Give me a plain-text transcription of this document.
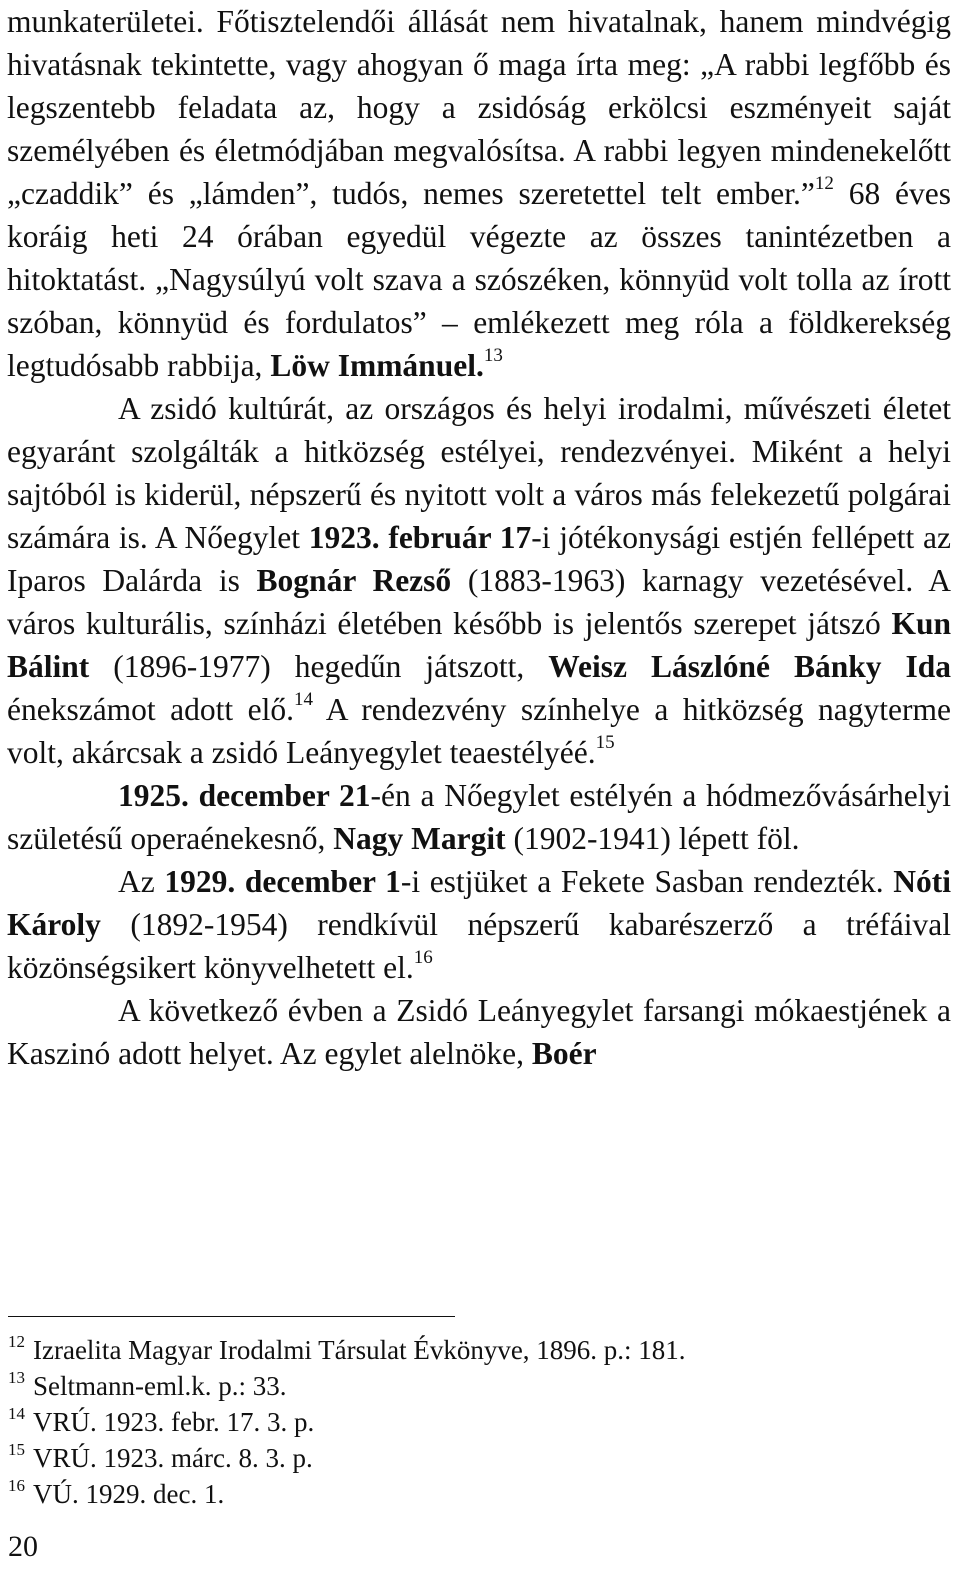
munkaterületei. Főtisztelendői állását nem hivatalnak, hanem mindvégig hivatásnak tekintette, vagy ahogyan ő maga írta meg: „A rabbi legfőbb és legszentebb feladata az, hogy a zsidóság erkölcsi eszményeit saját személyében és életmódjában megvalósítsa. A rabbi legyen mindenekelőtt „czaddik” és „lámden”, tudós, nemes szeretettel telt ember.”$^{12}$ 68 éves koráig heti 24 órában egyedül végezte az összes tanintézetben a hitoktatást. „Nagysúlyú volt szava a szószéken, könnyüd volt tolla az írott szóban, könnyüd és fordulatos” – emlékezett meg róla a földkerekség legtudósabb rabbija, Löw Immánuel.$^{13}$

A zsidó kultúrát, az országos és helyi irodalmi, művészeti életet egyaránt szolgálták a hitközség estélyei, rendezvényei. Miként a helyi sajtóból is kiderül, népszerű és nyitott volt a város más felekezetű polgárai számára is. A Nőegylet 1923. február 17-i jótékonysági estjén fellépett az Iparos Dalárda is Bognár Rezső (1883-1963) karnagy vezetésével. A város kulturális, színházi életében később is jelentős szerepet játszó Kun Bálint (1896-1977) hegedűn játszott, Weisz Lászlóné Bánky Ida énekszámot adott elő.$^{14}$ A rendezvény színhelye a hitközség nagyterme volt, akárcsak a zsidó Leányegylet teaestélyéé.$^{15}$

1925. december 21-én a Nőegylet estélyén a hódmezővásárhelyi születésű operaénekesnő, Nagy Margit (1902-1941) lépett föl.

Az 1929. december 1-i estjüket a Fekete Sasban rendezték. Nóti Károly (1892-1954) rendkívül népszerű kabarészerző a tréfáival közönségsikert könyvelhetett el.$^{16}$

A következő évben a Zsidó Leányegylet farsangi mókaestjének a Kaszinó adott helyet. Az egylet alelnöke, Boér

$^{12}$ Izraelita Magyar Irodalmi Társulat Évkönyve, 1896. p.: 181.
$^{13}$ Seltmann-eml.k. p.: 33.
$^{14}$ VRÚ. 1923. febr. 17. 3. p.
$^{15}$ VRÚ. 1923. márc. 8. 3. p.
$^{16}$ VÚ. 1929. dec. 1.
20
